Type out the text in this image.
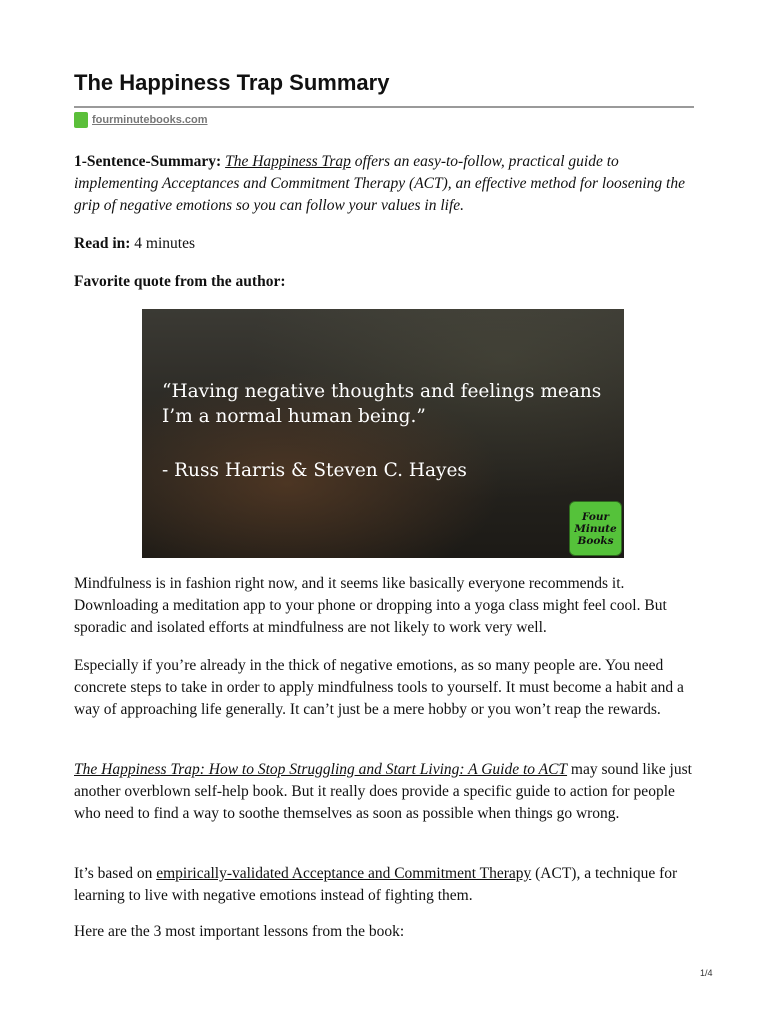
The Happiness Trap Summary
fourminutebooks.com

1-Sentence-Summary: The Happiness Trap offers an easy-to-follow, practical guide to implementing Acceptances and Commitment Therapy (ACT), an effective method for loosening the grip of negative emotions so you can follow your values in life.

Read in: 4 minutes

Favorite quote from the author:

“Having negative thoughts and feelings means I’m a normal human being.”
- Russ Harris & Steven C. Hayes
Four
Minute
Books

Mindfulness is in fashion right now, and it seems like basically everyone recommends it. Downloading a meditation app to your phone or dropping into a yoga class might feel cool. But sporadic and isolated efforts at mindfulness are not likely to work very well.

Especially if you’re already in the thick of negative emotions, as so many people are. You need concrete steps to take in order to apply mindfulness tools to yourself. It must become a habit and a way of approaching life generally. It can’t just be a mere hobby or you won’t reap the rewards.

The Happiness Trap: How to Stop Struggling and Start Living: A Guide to ACT may sound like just another overblown self-help book. But it really does provide a specific guide to action for people who need to find a way to soothe themselves as soon as possible when things go wrong.

It’s based on empirically-validated Acceptance and Commitment Therapy (ACT), a technique for learning to live with negative emotions instead of fighting them.

Here are the 3 most important lessons from the book:

1/4
